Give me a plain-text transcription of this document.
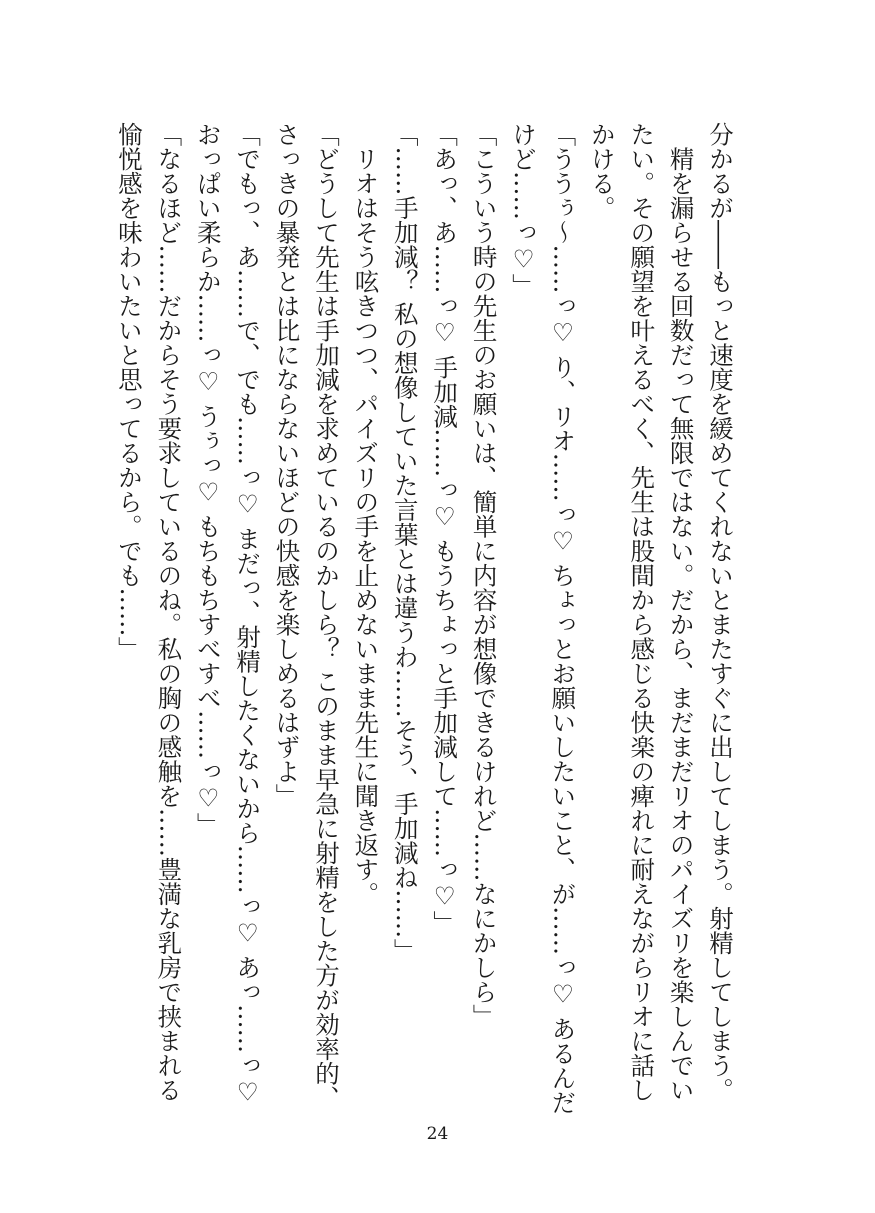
分かるが――もっと速度を緩めてくれないとまたすぐに出してしまう。射精してしまう。
　精を漏らせる回数だって無限ではない。だから、まだまだリオのパイズリを楽しんでい
たい。その願望を叶えるべく、先生は股間から感じる快楽の痺れに耐えながらリオに話し
かける。
「ううぅ〜……っ♡ り、リオ……っ♡ ちょっとお願いしたいこと、が……っ♡ あるんだ
けど……っ♡」
「こういう時の先生のお願いは、簡単に内容が想像できるけれど……なにかしら」
「あっ、あ……っ♡ 手加減……っ♡ もうちょっと手加減して……っ♡」
「……手加減？ 私の想像していた言葉とは違うわ……そう、手加減ね……」
　リオはそう呟きつつ、パイズリの手を止めないまま先生に聞き返す。
「どうして先生は手加減を求めているのかしら？ このまま早急に射精をした方が効率的、
さっきの暴発とは比にならないほどの快感を楽しめるはずよ」
「でもっ、あ……で、でも……っ♡ まだっ、射精したくないから……っ♡ あっ……っ♡
おっぱい柔らか……っ♡ うぅっ♡ もちもちすべすべ……っ♡」
「なるほど……だからそう要求しているのね。私の胸の感触を……豊満な乳房で挟まれる
愉悦感を味わいたいと思ってるから。でも……」
24
